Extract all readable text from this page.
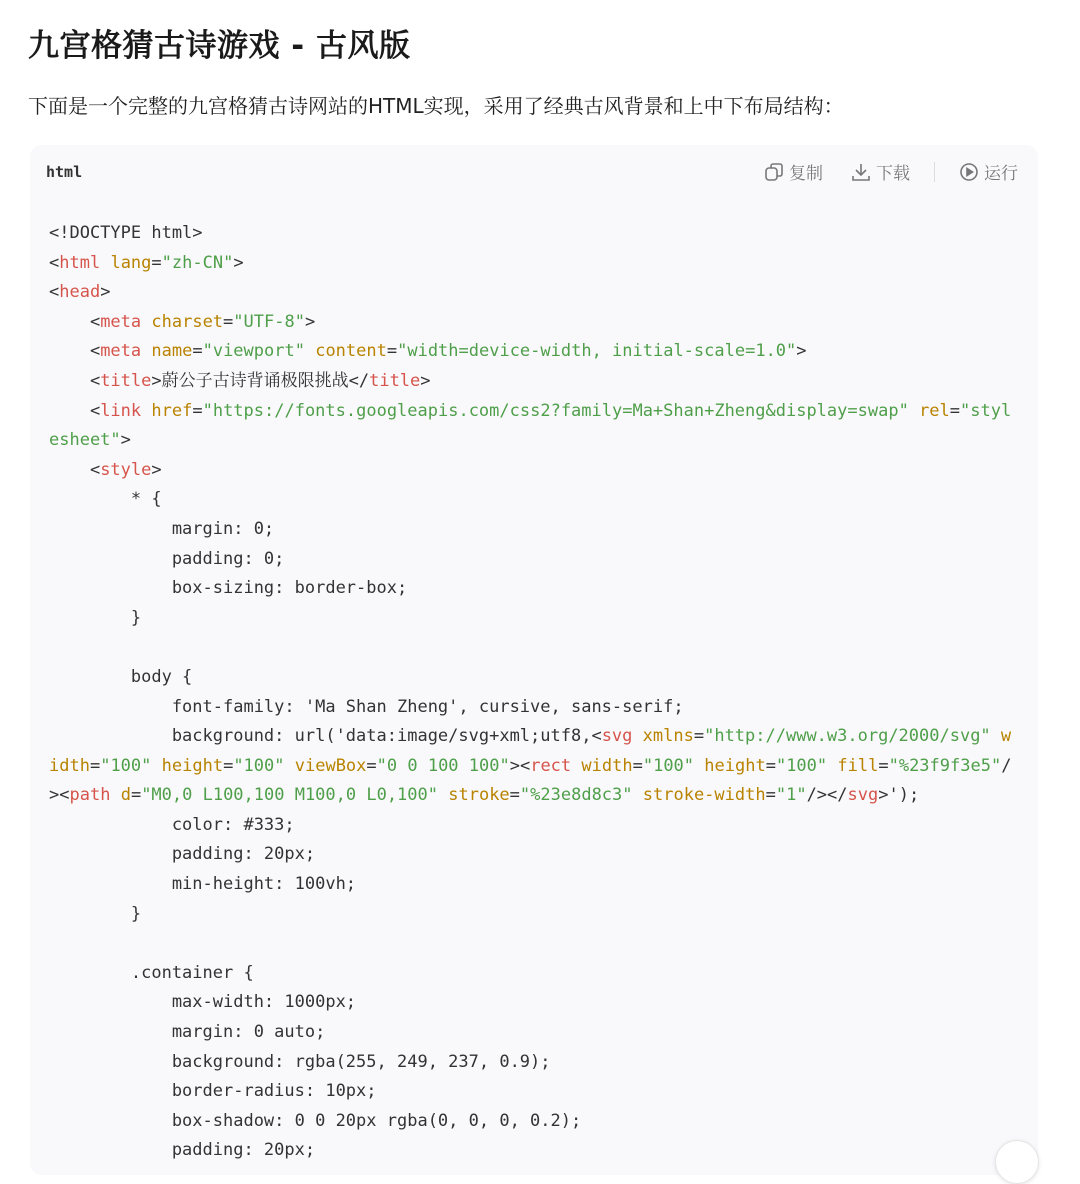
九宫格猜古诗游戏 - 古风版

下面是一个完整的九宫格猜古诗网站的HTML实现，采用了经典古风背景和上中下布局结构：

html	复制	下载	运行
<!DOCTYPE html>
<html lang="zh-CN">
<head>
<meta charset="UTF-8">
<meta name="viewport" content="width=device-width, initial-scale=1.0">
<title>蔚公子古诗背诵极限挑战</title>
<link href="https://fonts.googleapis.com/css2?family=Ma+Shan+Zheng&display=swap" rel="styl
esheet">
<style>
* {
margin: 0;
padding: 0;
box-sizing: border-box;
}

body {
font-family: 'Ma Shan Zheng', cursive, sans-serif;
background: url('data:image/svg+xml;utf8,<svg xmlns="http://www.w3.org/2000/svg" w
idth="100" height="100" viewBox="0 0 100 100"><rect width="100" height="100" fill="%23f9f3e5"/
><path d="M0,0 L100,100 M100,0 L0,100" stroke="%23e8d8c3" stroke-width="1"/></svg>');
color: #333;
padding: 20px;
min-height: 100vh;
}

.container {
max-width: 1000px;
margin: 0 auto;
background: rgba(255, 249, 237, 0.9);
border-radius: 10px;
box-shadow: 0 0 20px rgba(0, 0, 0, 0.2);
padding: 20px;
